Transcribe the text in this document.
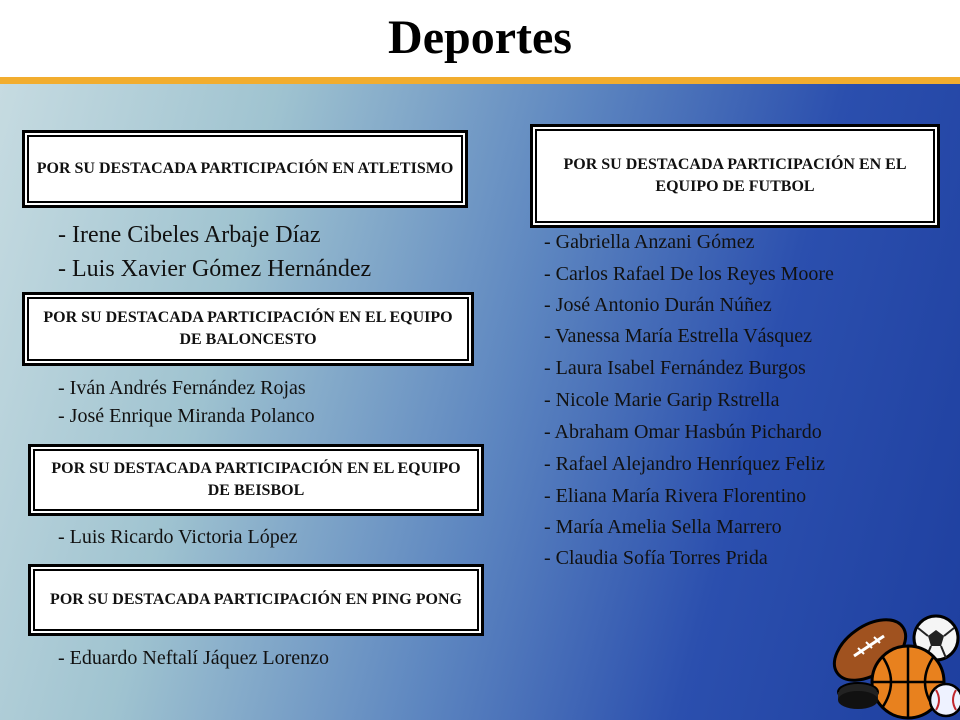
Deportes
POR SU DESTACADA PARTICIPACIÓN EN ATLETISMO
- Irene Cibeles Arbaje Díaz
- Luis Xavier Gómez Hernández
POR SU DESTACADA PARTICIPACIÓN EN EL EQUIPO DE BALONCESTO
- Iván Andrés Fernández Rojas
- José Enrique Miranda Polanco
POR SU DESTACADA PARTICIPACIÓN EN EL EQUIPO DE BEISBOL
- Luis Ricardo Victoria López
POR SU DESTACADA PARTICIPACIÓN EN PING PONG
- Eduardo Neftalí Jáquez Lorenzo
POR SU DESTACADA PARTICIPACIÓN EN EL EQUIPO DE FUTBOL
- Gabriella Anzani Gómez
- Carlos Rafael De los Reyes Moore
- José Antonio Durán Núñez
- Vanessa María Estrella Vásquez
- Laura Isabel Fernández Burgos
- Nicole Marie Garip Rstrella
- Abraham Omar Hasbún Pichardo
- Rafael Alejandro Henríquez Feliz
- Eliana María Rivera Florentino
- María Amelia Sella Marrero
- Claudia Sofía Torres Prida
